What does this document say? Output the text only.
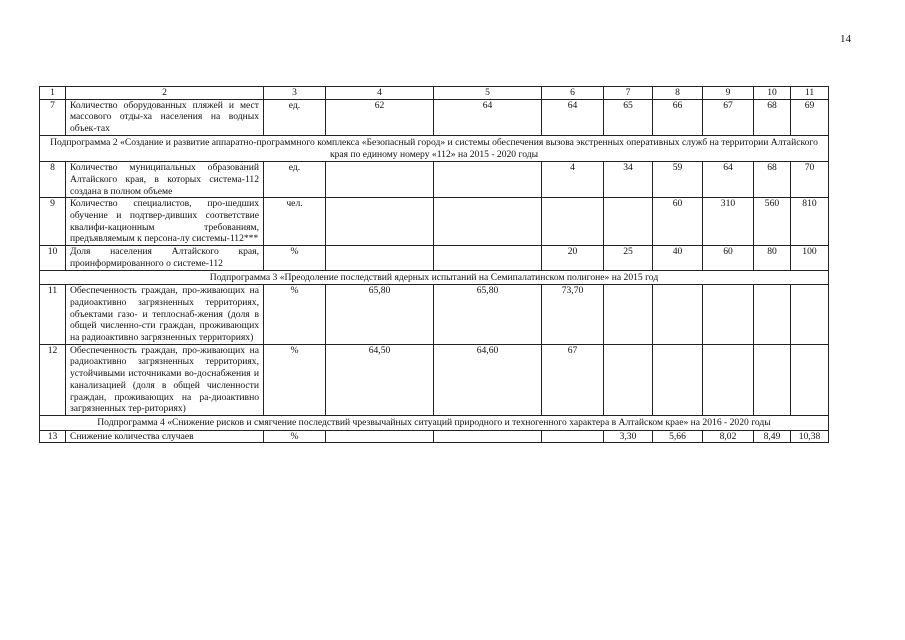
14
1	2	3	4	5	6	7	8	9	10	11
7	Количество оборудованных пляжей и мест массового отды-ха населения на водных объек-тах	ед.	62	64	64	65	66	67	68	69
Подпрограмма 2 «Создание и развитие аппаратно-программного комплекса «Безопасный город» и системы обеспечения вызова экстренных оперативных служб на территории Алтайского края по единому номеру «112» на 2015 - 2020 годы										
8	Количество муниципальных образований Алтайского края, в которых система-112 создана в полном объеме	ед.			4	34	59	64	68	70
9	Количество специалистов, про-шедших обучение и подтвер-дивших соответствие квалифи-кационным требованиям, предъявляемым к персона-лу системы-112***	чел.					60	310	560	810
10	Доля населения Алтайского края, проинформированного о системе-112	%			20	25	40	60	80	100
Подпрограмма 3 «Преодоление последствий ядерных испытаний на Семипалатинском полигоне» на 2015 год										
11	Обеспеченность граждан, про-живающих на радиоактивно загрязненных территориях, объектами газо- и теплоснаб-жения (доля в общей численно-сти граждан, проживающих на радиоактивно загрязненных территориях)	%	65,80	65,80	73,70					
12	Обеспеченность граждан, про-живающих на радиоактивно загрязненных территориях, устойчивыми источниками во-доснабжения и канализацией (доля в общей численности граждан, проживающих на ра-диоактивно загрязненных тер-риториях)	%	64,50	64,60	67					
Подпрограмма 4 «Снижение рисков и смягчение последствий чрезвычайных ситуаций природного и техногенного характера в Алтайском крае» на 2016 - 2020 годы										
13	Снижение количества случаев	%				3,30	5,66	8,02	8,49	10,38
